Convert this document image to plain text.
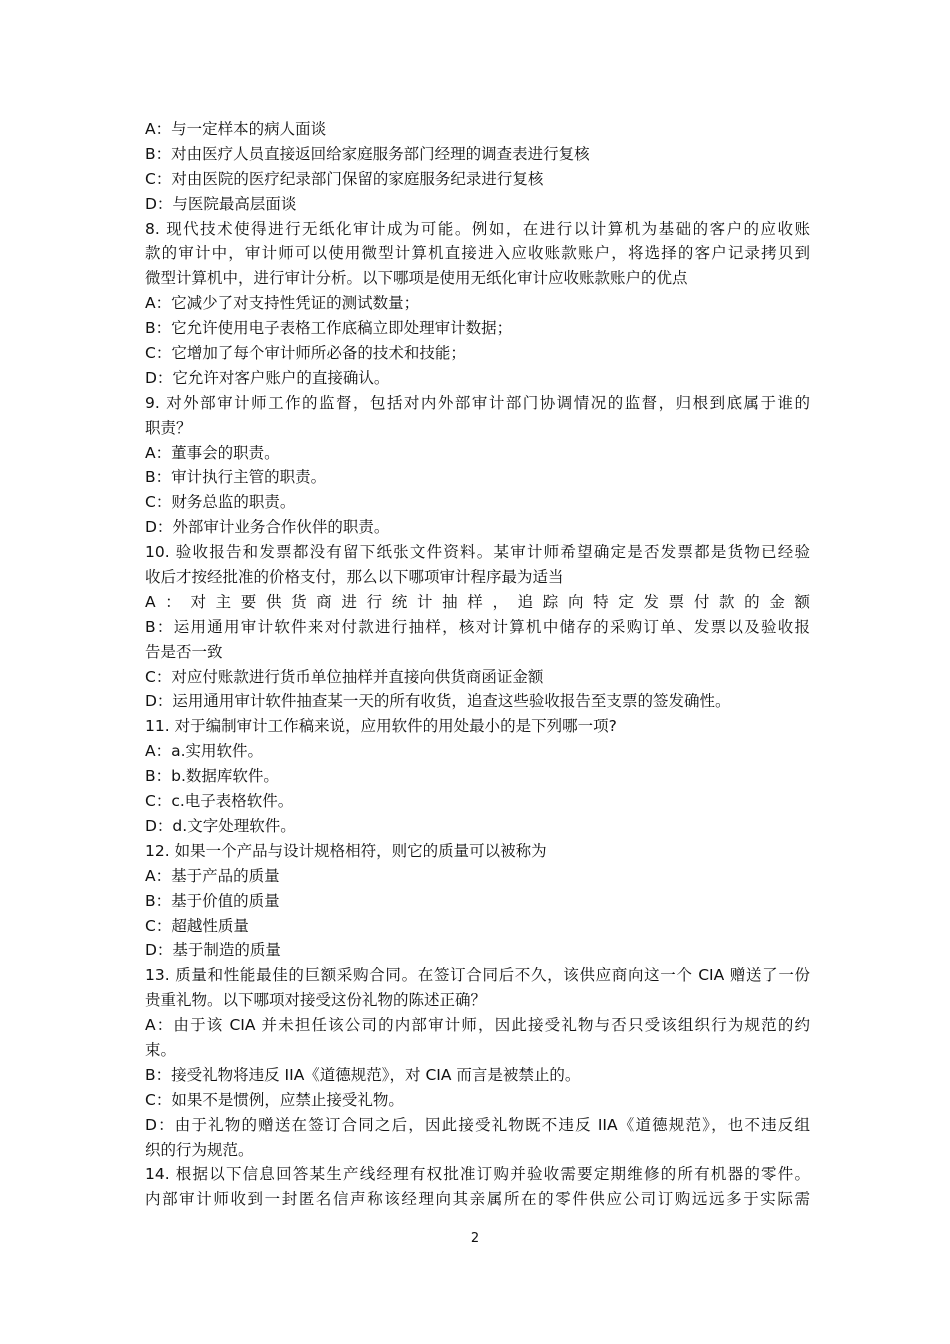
A：与一定样本的病人面谈
B：对由医疗人员直接返回给家庭服务部门经理的调查表进行复核
C：对由医院的医疗纪录部门保留的家庭服务纪录进行复核
D：与医院最高层面谈
8. 现代技术使得进行无纸化审计成为可能。例如，在进行以计算机为基础的客户的应收账
款的审计中，审计师可以使用微型计算机直接进入应收账款账户，将选择的客户记录拷贝到
微型计算机中，进行审计分析。以下哪项是使用无纸化审计应收账款账户的优点
A：它减少了对支持性凭证的测试数量；
B：它允许使用电子表格工作底稿立即处理审计数据；
C：它增加了每个审计师所必备的技术和技能；
D：它允许对客户账户的直接确认。
9. 对外部审计师工作的监督，包括对内外部审计部门协调情况的监督，归根到底属于谁的
职责？
A：董事会的职责。
B：审计执行主管的职责。
C：财务总监的职责。
D：外部审计业务合作伙伴的职责。
10. 验收报告和发票都没有留下纸张文件资料。某审计师希望确定是否发票都是货物已经验
收后才按经批准的价格支付，那么以下哪项审计程序最为适当
A：对主要供货商进行统计抽样，追踪向特定发票付款的金额
B：运用通用审计软件来对付款进行抽样，核对计算机中储存的采购订单、发票以及验收报
告是否一致
C：对应付账款进行货币单位抽样并直接向供货商函证金额
D：运用通用审计软件抽查某一天的所有收货，追查这些验收报告至支票的签发确性。
11. 对于编制审计工作稿来说，应用软件的用处最小的是下列哪一项?
A：a.实用软件。
B：b.数据库软件。
C：c.电子表格软件。
D：d.文字处理软件。
12. 如果一个产品与设计规格相符，则它的质量可以被称为
A：基于产品的质量
B：基于价值的质量
C：超越性质量
D：基于制造的质量
13. 质量和性能最佳的巨额采购合同。在签订合同后不久，该供应商向这一个 CIA 赠送了一份
贵重礼物。以下哪项对接受这份礼物的陈述正确？
A：由于该 CIA 并未担任该公司的内部审计师，因此接受礼物与否只受该组织行为规范的约
束。
B：接受礼物将违反 IIA《道德规范》，对 CIA 而言是被禁止的。
C：如果不是惯例，应禁止接受礼物。
D：由于礼物的赠送在签订合同之后，因此接受礼物既不违反 IIA《道德规范》，也不违反组
织的行为规范。
14. 根据以下信息回答某生产线经理有权批准订购并验收需要定期维修的所有机器的零件。
内部审计师收到一封匿名信声称该经理向其亲属所在的零件供应公司订购远远多于实际需
2
